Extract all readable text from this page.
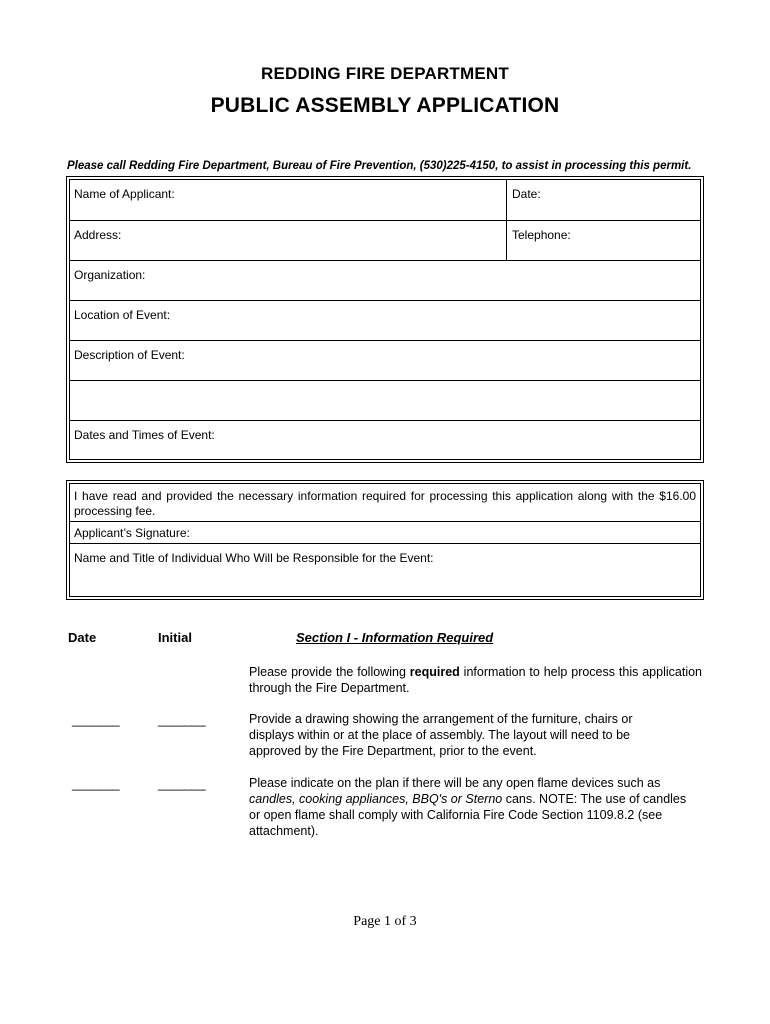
REDDING FIRE DEPARTMENT
PUBLIC ASSEMBLY APPLICATION
Please call Redding Fire Department, Bureau of Fire Prevention, (530)225-4150, to assist in processing this permit.
Name of Applicant:	Date:
Address:	Telephone:
Organization:
Location of Event:
Description of Event:
Dates and Times of Event:
I have read and provided the necessary information required for processing this application along with the $16.00 processing fee.
Applicant’s Signature:
Name and Title of Individual Who Will be Responsible for the Event:
Date	Initial	Section I - Information Required
Please provide the following required information to help process this application through the Fire Department.
_______	_______	Provide a drawing showing the arrangement of the furniture, chairs or displays within or at the place of assembly. The layout will need to be approved by the Fire Department, prior to the event.
_______	_______	Please indicate on the plan if there will be any open flame devices such as candles, cooking appliances, BBQ's or Sterno cans. NOTE: The use of candles or open flame shall comply with California Fire Code Section 1109.8.2 (see attachment).
Page 1 of 3
